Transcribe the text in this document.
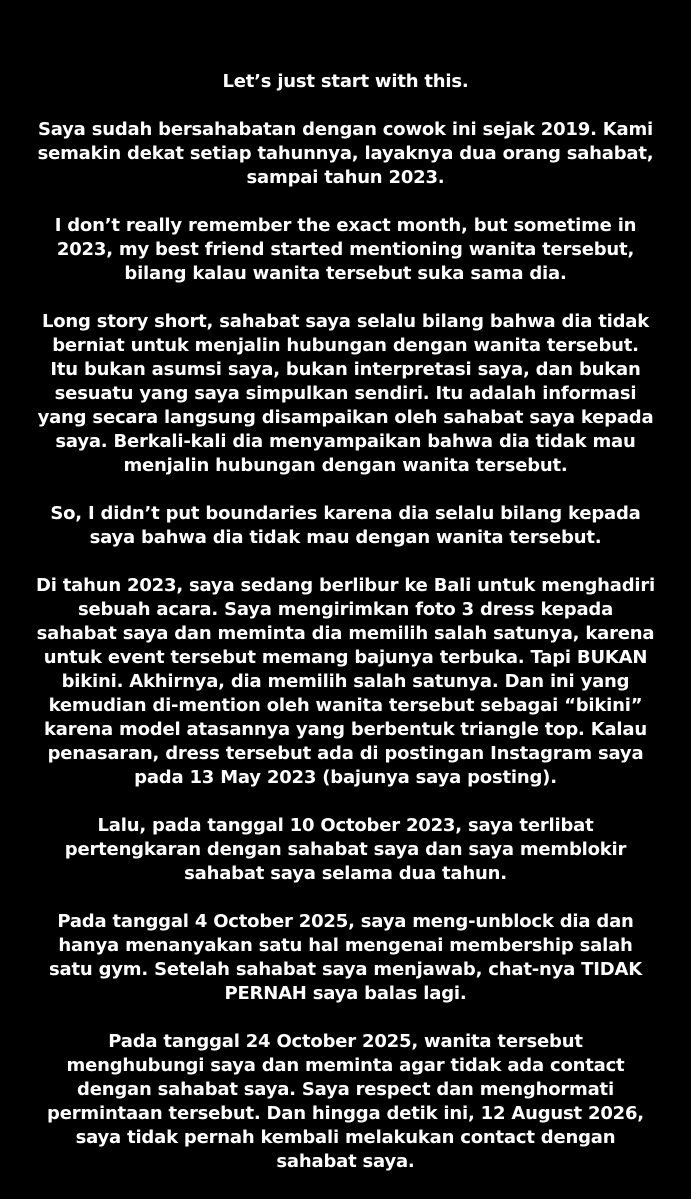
Let’s just start with this.

Saya sudah bersahabatan dengan cowok ini sejak 2019. Kami
semakin dekat setiap tahunnya, layaknya dua orang sahabat,
sampai tahun 2023.

I don’t really remember the exact month, but sometime in
2023, my best friend started mentioning wanita tersebut,
bilang kalau wanita tersebut suka sama dia.

Long story short, sahabat saya selalu bilang bahwa dia tidak
berniat untuk menjalin hubungan dengan wanita tersebut.
Itu bukan asumsi saya, bukan interpretasi saya, dan bukan
sesuatu yang saya simpulkan sendiri. Itu adalah informasi
yang secara langsung disampaikan oleh sahabat saya kepada
saya. Berkali-kali dia menyampaikan bahwa dia tidak mau
menjalin hubungan dengan wanita tersebut.

So, I didn’t put boundaries karena dia selalu bilang kepada
saya bahwa dia tidak mau dengan wanita tersebut.

Di tahun 2023, saya sedang berlibur ke Bali untuk menghadiri
sebuah acara. Saya mengirimkan foto 3 dress kepada
sahabat saya dan meminta dia memilih salah satunya, karena
untuk event tersebut memang bajunya terbuka. Tapi BUKAN
bikini. Akhirnya, dia memilih salah satunya. Dan ini yang
kemudian di-mention oleh wanita tersebut sebagai “bikini”
karena model atasannya yang berbentuk triangle top. Kalau
penasaran, dress tersebut ada di postingan Instagram saya
pada 13 May 2023 (bajunya saya posting).

Lalu, pada tanggal 10 October 2023, saya terlibat
pertengkaran dengan sahabat saya dan saya memblokir
sahabat saya selama dua tahun.

Pada tanggal 4 October 2025, saya meng-unblock dia dan
hanya menanyakan satu hal mengenai membership salah
satu gym. Setelah sahabat saya menjawab, chat-nya TIDAK
PERNAH saya balas lagi.

Pada tanggal 24 October 2025, wanita tersebut
menghubungi saya dan meminta agar tidak ada contact
dengan sahabat saya. Saya respect dan menghormati
permintaan tersebut. Dan hingga detik ini, 12 August 2026,
saya tidak pernah kembali melakukan contact dengan
sahabat saya.
